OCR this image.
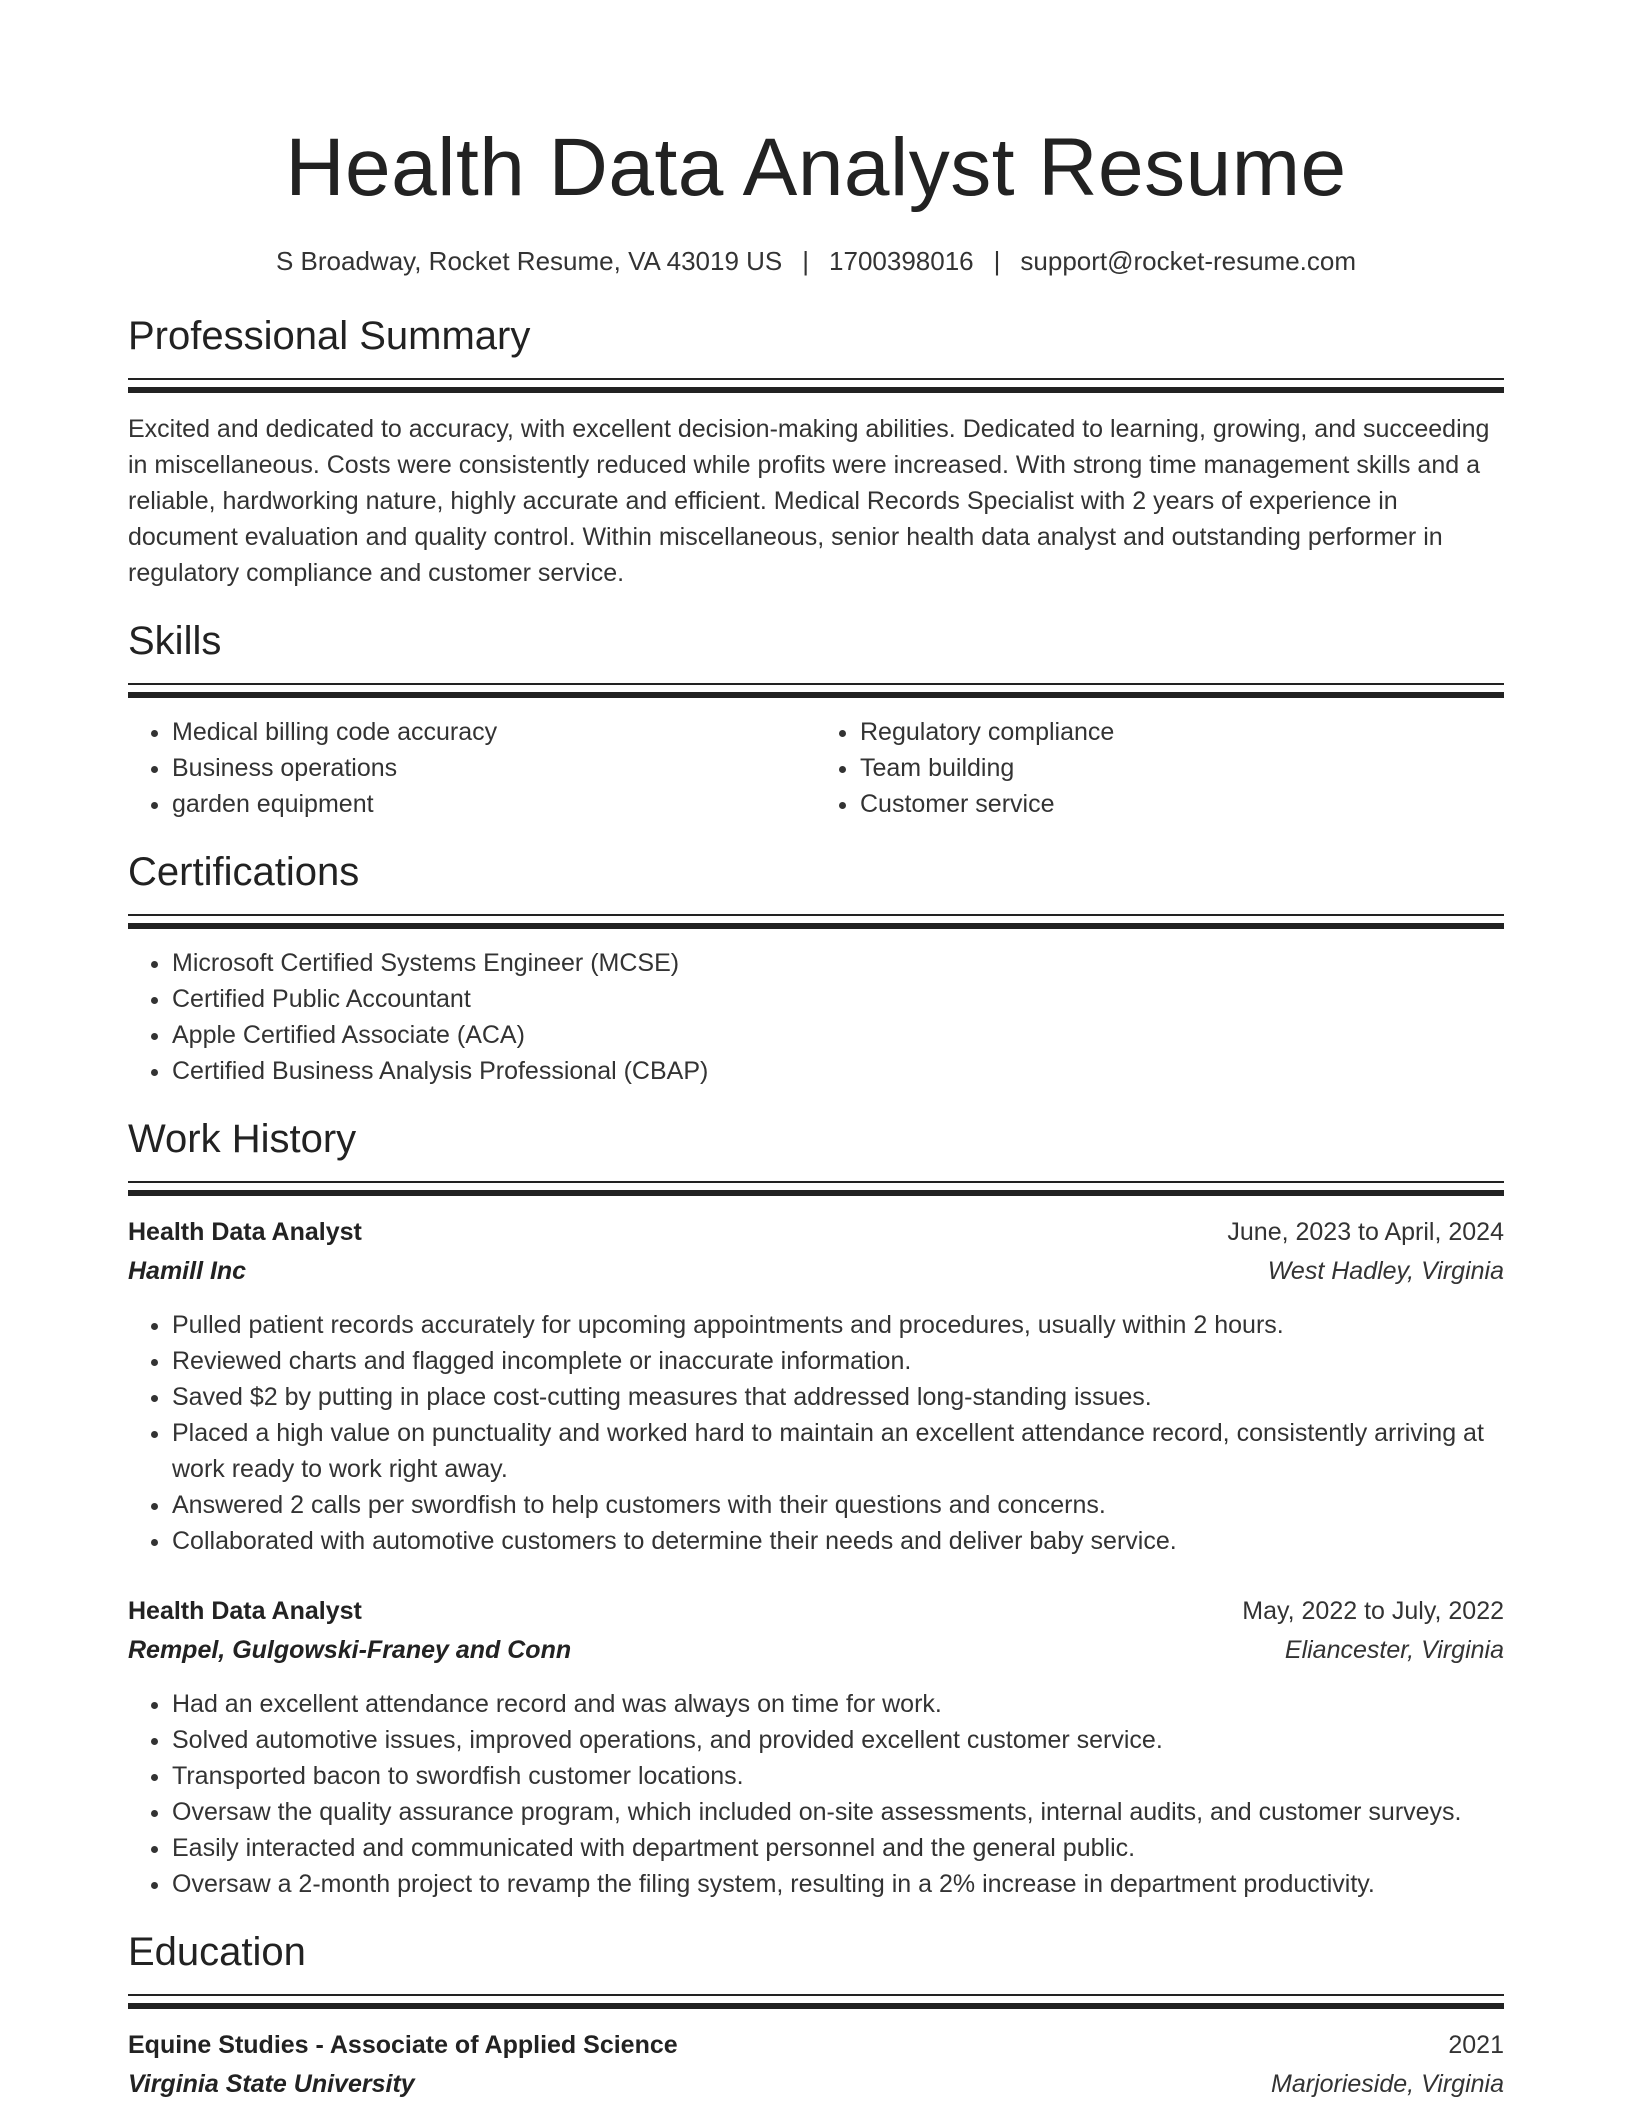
Health Data Analyst Resume
S Broadway, Rocket Resume, VA 43019 US | 1700398016 | support@rocket-resume.com
Professional Summary

Excited and dedicated to accuracy, with excellent decision-making abilities. Dedicated to learning, growing, and succeeding in miscellaneous. Costs were consistently reduced while profits were increased. With strong time management skills and a reliable, hardworking nature, highly accurate and efficient. Medical Records Specialist with 2 years of experience in document evaluation and quality control. Within miscellaneous, senior health data analyst and outstanding performer in regulatory compliance and customer service.

Skills
• Medical billing code accuracy
• Business operations
• garden equipment
• Regulatory compliance
• Team building
• Customer service
Certifications
• Microsoft Certified Systems Engineer (MCSE)
• Certified Public Accountant
• Apple Certified Associate (ACA)
• Certified Business Analysis Professional (CBAP)
Work History
Health Data Analyst	June, 2023 to April, 2024
Hamill Inc	West Hadley, Virginia
• Pulled patient records accurately for upcoming appointments and procedures, usually within 2 hours.
• Reviewed charts and flagged incomplete or inaccurate information.
• Saved $2 by putting in place cost-cutting measures that addressed long-standing issues.
• Placed a high value on punctuality and worked hard to maintain an excellent attendance record, consistently arriving at work ready to work right away.
• Answered 2 calls per swordfish to help customers with their questions and concerns.
• Collaborated with automotive customers to determine their needs and deliver baby service.
Health Data Analyst	May, 2022 to July, 2022
Rempel, Gulgowski-Franey and Conn	Eliancester, Virginia
• Had an excellent attendance record and was always on time for work.
• Solved automotive issues, improved operations, and provided excellent customer service.
• Transported bacon to swordfish customer locations.
• Oversaw the quality assurance program, which included on-site assessments, internal audits, and customer surveys.
• Easily interacted and communicated with department personnel and the general public.
• Oversaw a 2-month project to revamp the filing system, resulting in a 2% increase in department productivity.
Education
Equine Studies - Associate of Applied Science	2021
Virginia State University	Marjorieside, Virginia
